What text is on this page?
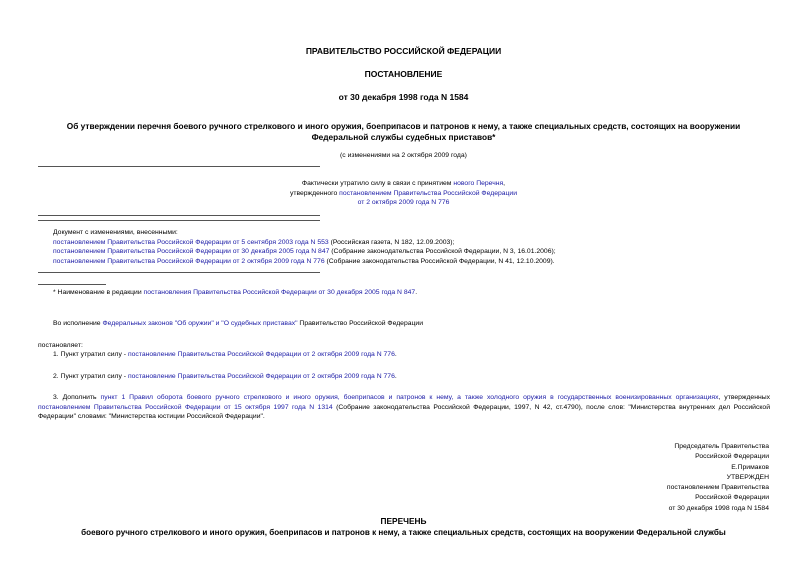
ПРАВИТЕЛЬСТВО РОССИЙСКОЙ ФЕДЕРАЦИИ
ПОСТАНОВЛЕНИЕ
от 30 декабря 1998 года N 1584
Об утверждении перечня боевого ручного стрелкового и иного оружия, боеприпасов и патронов к нему, а также специальных средств, состоящих на вооружении
Федеральной службы судебных приставов*
(с изменениями на 2 октября 2009 года)
Фактически утратило силу в связи с принятием нового Перечня,
утвержденного постановлением Правительства Российской Федерации
от 2 октября 2009 года N 776
Документ с изменениями, внесенными:
постановлением Правительства Российской Федерации от 5 сентября 2003 года N 553 (Российская газета, N 182, 12.09.2003);
постановлением Правительства Российской Федерации от 30 декабря 2005 года N 847 (Собрание законодательства Российской Федерации, N 3, 16.01.2006);
постановлением Правительства Российской Федерации от 2 октября 2009 года N 776 (Собрание законодательства Российской Федерации, N 41, 12.10.2009).
* Наименование в редакции постановления Правительства Российской Федерации от 30 декабря 2005 года N 847.
Во исполнение Федеральных законов "Об оружии" и "О судебных приставах" Правительство Российской Федерации
постановляет:
1. Пункт утратил силу - постановление Правительства Российской Федерации от 2 октября 2009 года N 776.
2. Пункт утратил силу - постановление Правительства Российской Федерации от 2 октября 2009 года N 776.
3. Дополнить пункт 1 Правил оборота боевого ручного стрелкового и иного оружия, боеприпасов и патронов к нему, а также холодного оружия в государственных военизированных организациях, утвержденных постановлением Правительства Российской Федерации от 15 октября 1997 года N 1314 (Собрание законодательства Российской Федерации, 1997, N 42, ст.4790), после слов: "Министерства внутренних дел Российской Федерации" словами: "Министерства юстиции Российской Федерации".
Председатель Правительства
Российской Федерации
Е.Примаков
УТВЕРЖДЕН
постановлением Правительства
Российской Федерации
от 30 декабря 1998 года N 1584
ПЕРЕЧЕНЬ
боевого ручного стрелкового и иного оружия, боеприпасов и патронов к нему, а также специальных средств, состоящих на вооружении Федеральной службы
